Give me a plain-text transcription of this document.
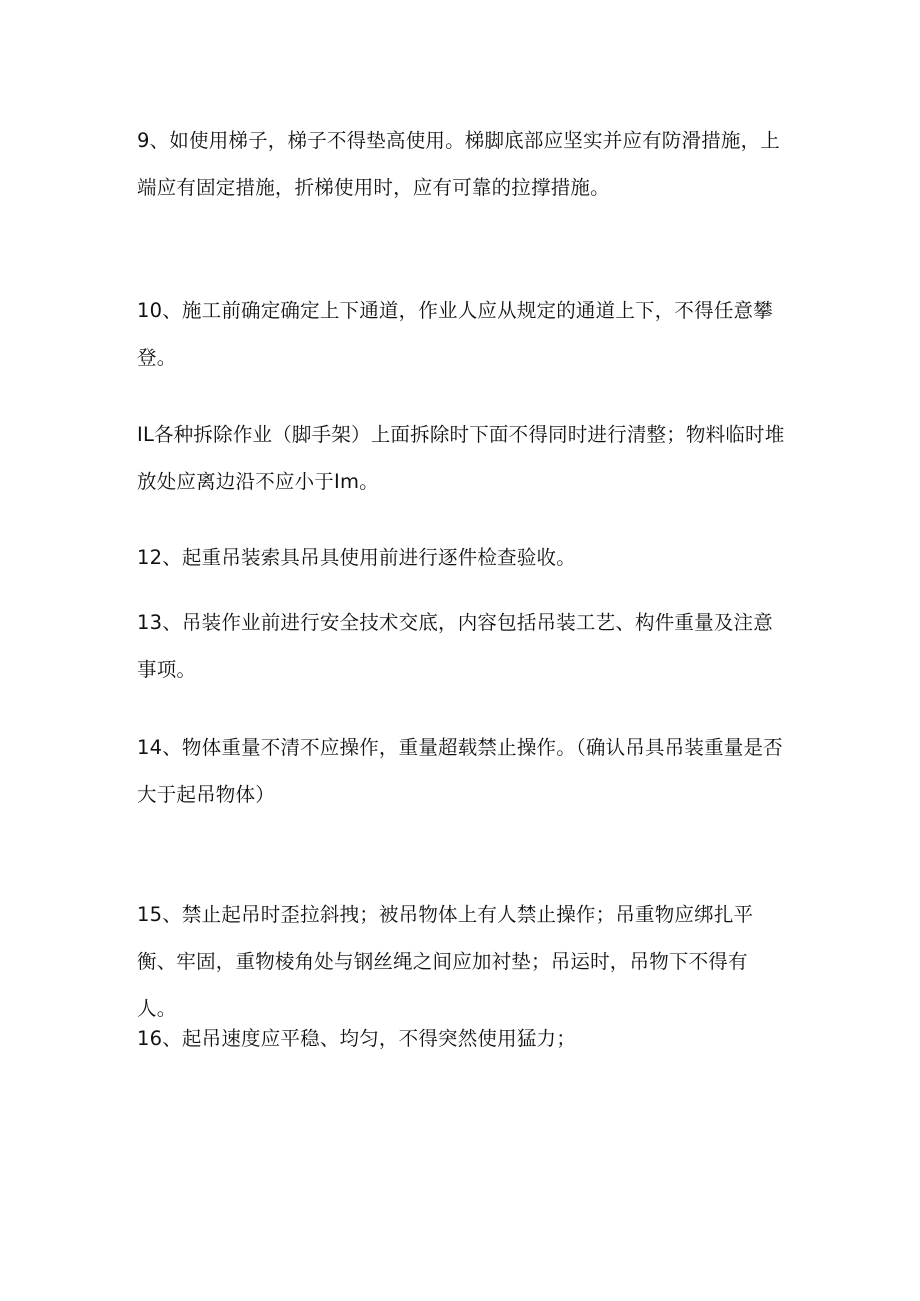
9、如使用梯子，梯子不得垫高使用。梯脚底部应坚实并应有防滑措施，上端应有固定措施，折梯使用时，应有可靠的拉撑措施。

10、施工前确定确定上下通道，作业人应从规定的通道上下，不得任意攀登。

IL各种拆除作业（脚手架）上面拆除时下面不得同时进行清整；物料临时堆放处应离边沿不应小于Im。

12、起重吊装索具吊具使用前进行逐件检查验收。

13、吊装作业前进行安全技术交底，内容包括吊装工艺、构件重量及注意事项。

14、物体重量不清不应操作，重量超载禁止操作。（确认吊具吊装重量是否大于起吊物体）

15、禁止起吊时歪拉斜拽；被吊物体上有人禁止操作；吊重物应绑扎平衡、牢固，重物棱角处与钢丝绳之间应加衬垫；吊运时，吊物下不得有人。

16、起吊速度应平稳、均匀，不得突然使用猛力；
